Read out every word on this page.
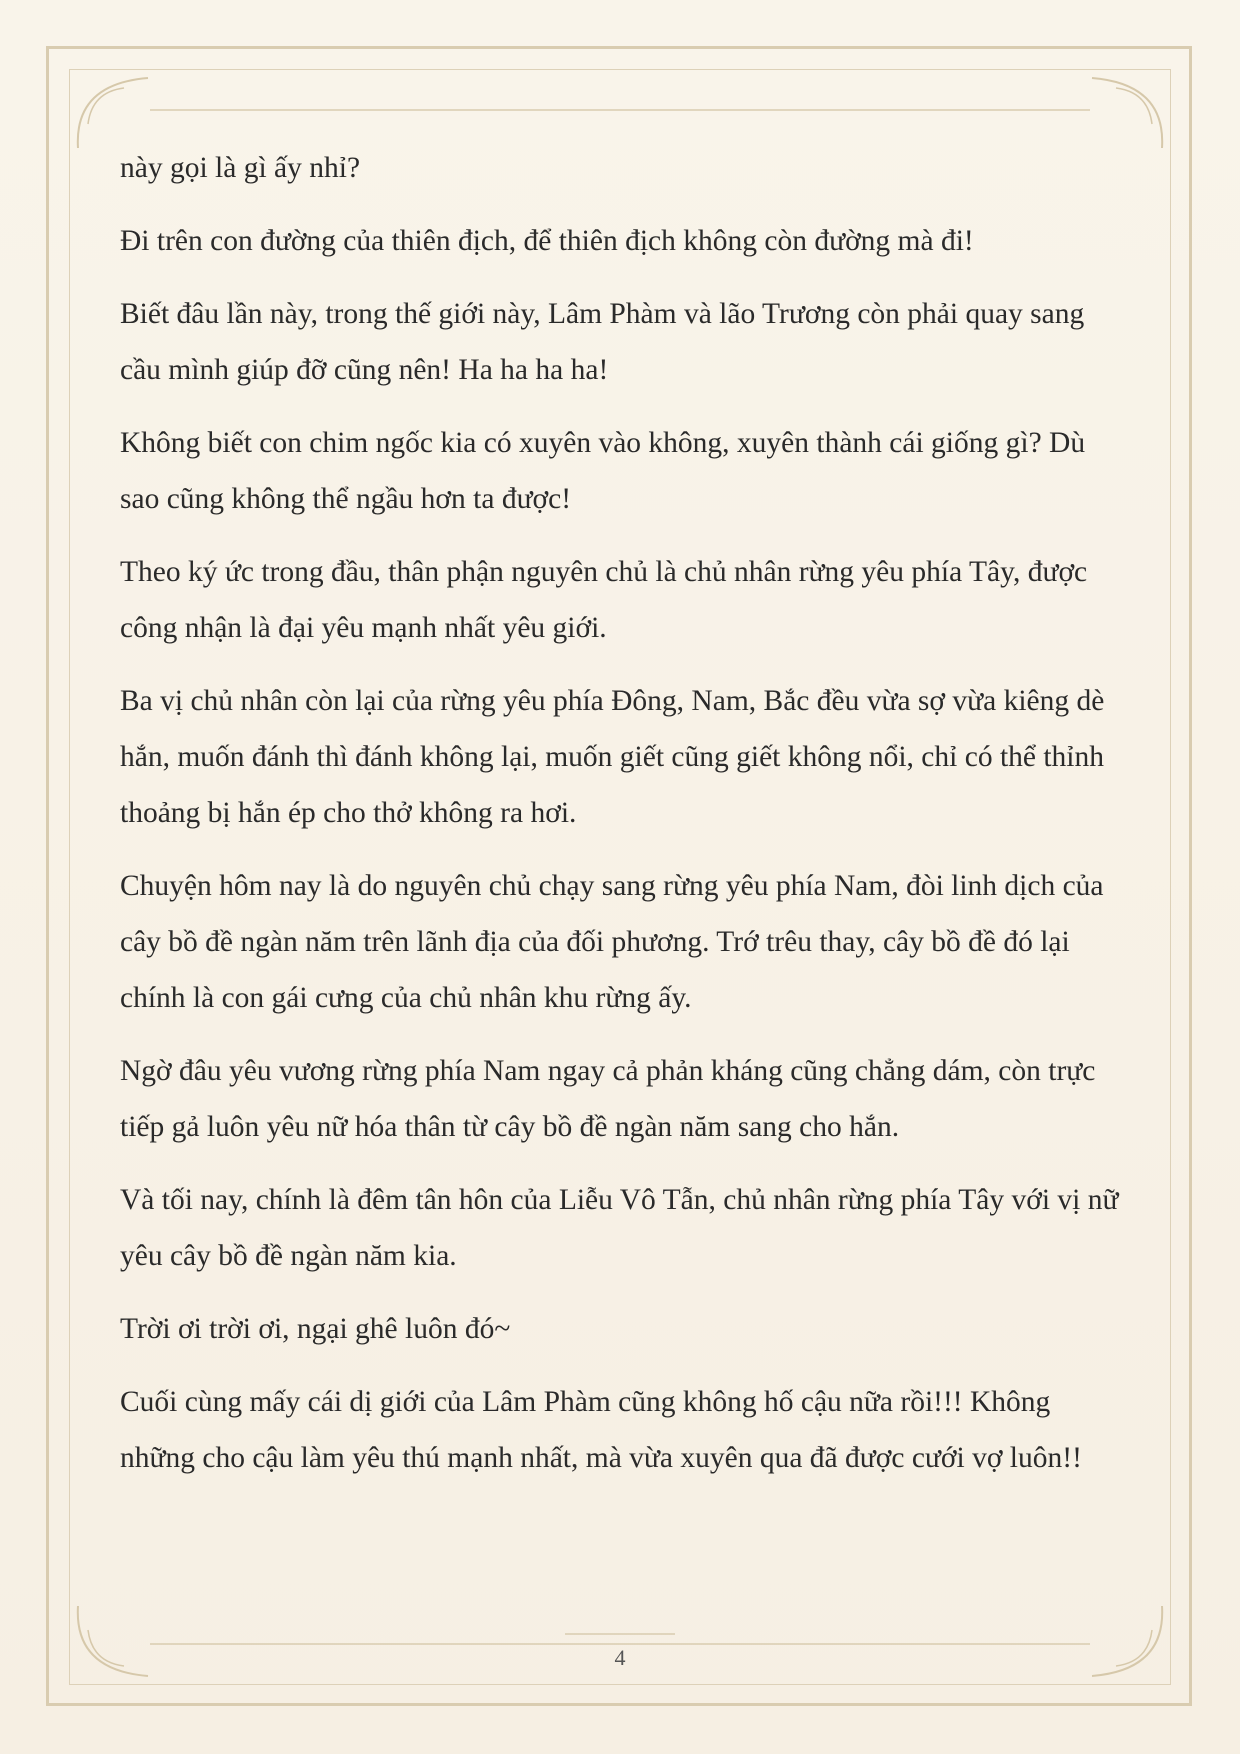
này gọi là gì ấy nhỉ?

Đi trên con đường của thiên địch, để thiên địch không còn đường mà đi!

Biết đâu lần này, trong thế giới này, Lâm Phàm và lão Trương còn phải quay sang cầu mình giúp đỡ cũng nên! Ha ha ha ha!

Không biết con chim ngốc kia có xuyên vào không, xuyên thành cái giống gì? Dù sao cũng không thể ngầu hơn ta được!

Theo ký ức trong đầu, thân phận nguyên chủ là chủ nhân rừng yêu phía Tây, được công nhận là đại yêu mạnh nhất yêu giới.

Ba vị chủ nhân còn lại của rừng yêu phía Đông, Nam, Bắc đều vừa sợ vừa kiêng dè hắn, muốn đánh thì đánh không lại, muốn giết cũng giết không nổi, chỉ có thể thỉnh thoảng bị hắn ép cho thở không ra hơi.

Chuyện hôm nay là do nguyên chủ chạy sang rừng yêu phía Nam, đòi linh dịch của cây bồ đề ngàn năm trên lãnh địa của đối phương. Trớ trêu thay, cây bồ đề đó lại chính là con gái cưng của chủ nhân khu rừng ấy.

Ngờ đâu yêu vương rừng phía Nam ngay cả phản kháng cũng chẳng dám, còn trực tiếp gả luôn yêu nữ hóa thân từ cây bồ đề ngàn năm sang cho hắn.

Và tối nay, chính là đêm tân hôn của Liễu Vô Tẫn, chủ nhân rừng phía Tây với vị nữ yêu cây bồ đề ngàn năm kia.

Trời ơi trời ơi, ngại ghê luôn đó~

Cuối cùng mấy cái dị giới của Lâm Phàm cũng không hố cậu nữa rồi!!! Không những cho cậu làm yêu thú mạnh nhất, mà vừa xuyên qua đã được cưới vợ luôn!!

4
